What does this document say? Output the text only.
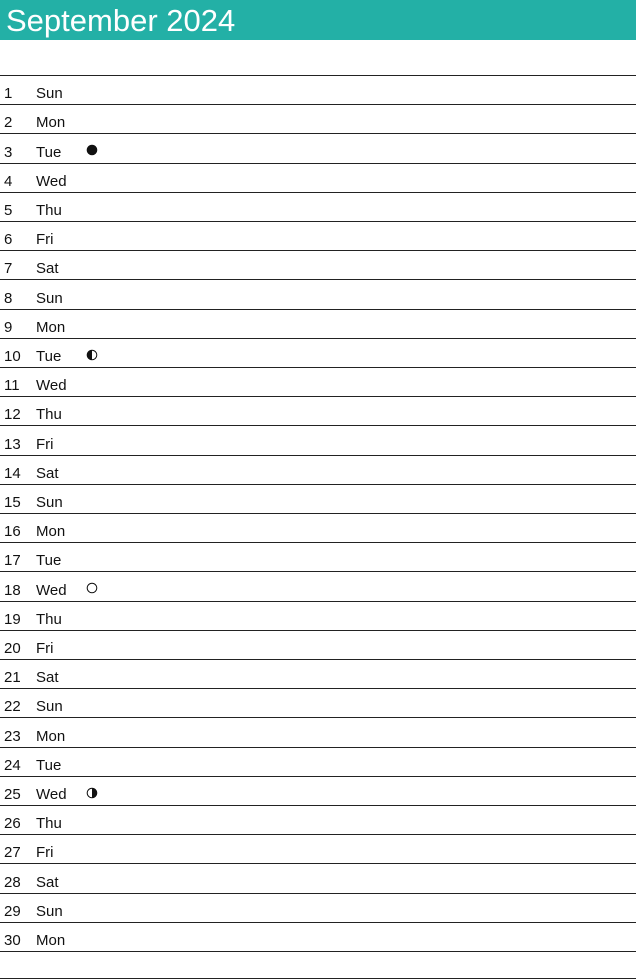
September 2024
1 Sun
2 Mon
3 Tue
4 Wed
5 Thu
6 Fri
7 Sat
8 Sun
9 Mon
10 Tue
11 Wed
12 Thu
13 Fri
14 Sat
15 Sun
16 Mon
17 Tue
18 Wed
19 Thu
20 Fri
21 Sat
22 Sun
23 Mon
24 Tue
25 Wed
26 Thu
27 Fri
28 Sat
29 Sun
30 Mon
